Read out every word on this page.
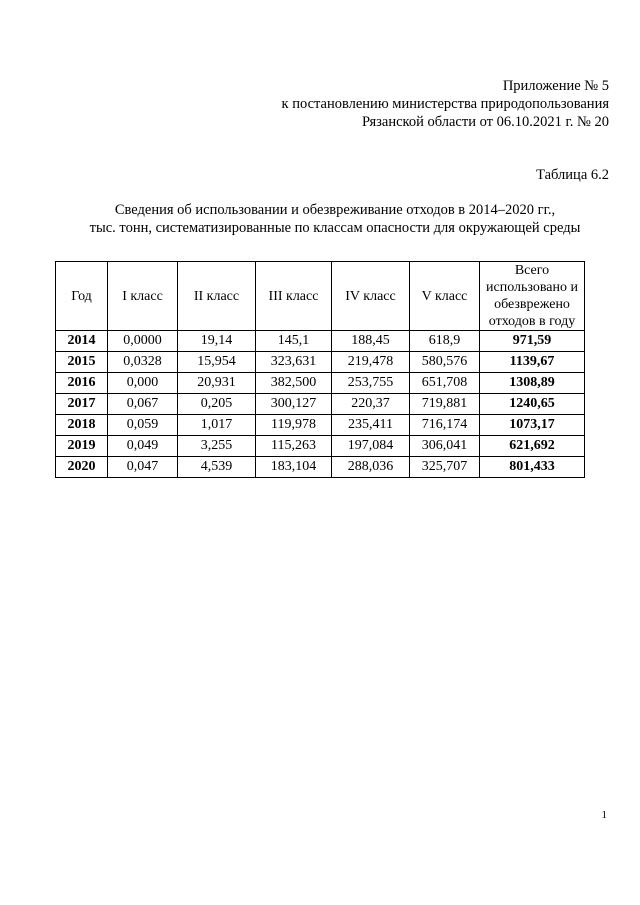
Приложение № 5
к постановлению министерства природопользования
Рязанской области от 06.10.2021 г. № 20
Таблица 6.2
Сведения об использовании и обезвреживание отходов в 2014–2020 гг.,
тыс. тонн, систематизированные по классам опасности для окружающей среды
Год	I класс	II класс	III класс	IV класс	V класс	Всего использовано и обезврежено отходов в году
2014	0,0000	19,14	145,1	188,45	618,9	971,59
2015	0,0328	15,954	323,631	219,478	580,576	1139,67
2016	0,000	20,931	382,500	253,755	651,708	1308,89
2017	0,067	0,205	300,127	220,37	719,881	1240,65
2018	0,059	1,017	119,978	235,411	716,174	1073,17
2019	0,049	3,255	115,263	197,084	306,041	621,692
2020	0,047	4,539	183,104	288,036	325,707	801,433
1
